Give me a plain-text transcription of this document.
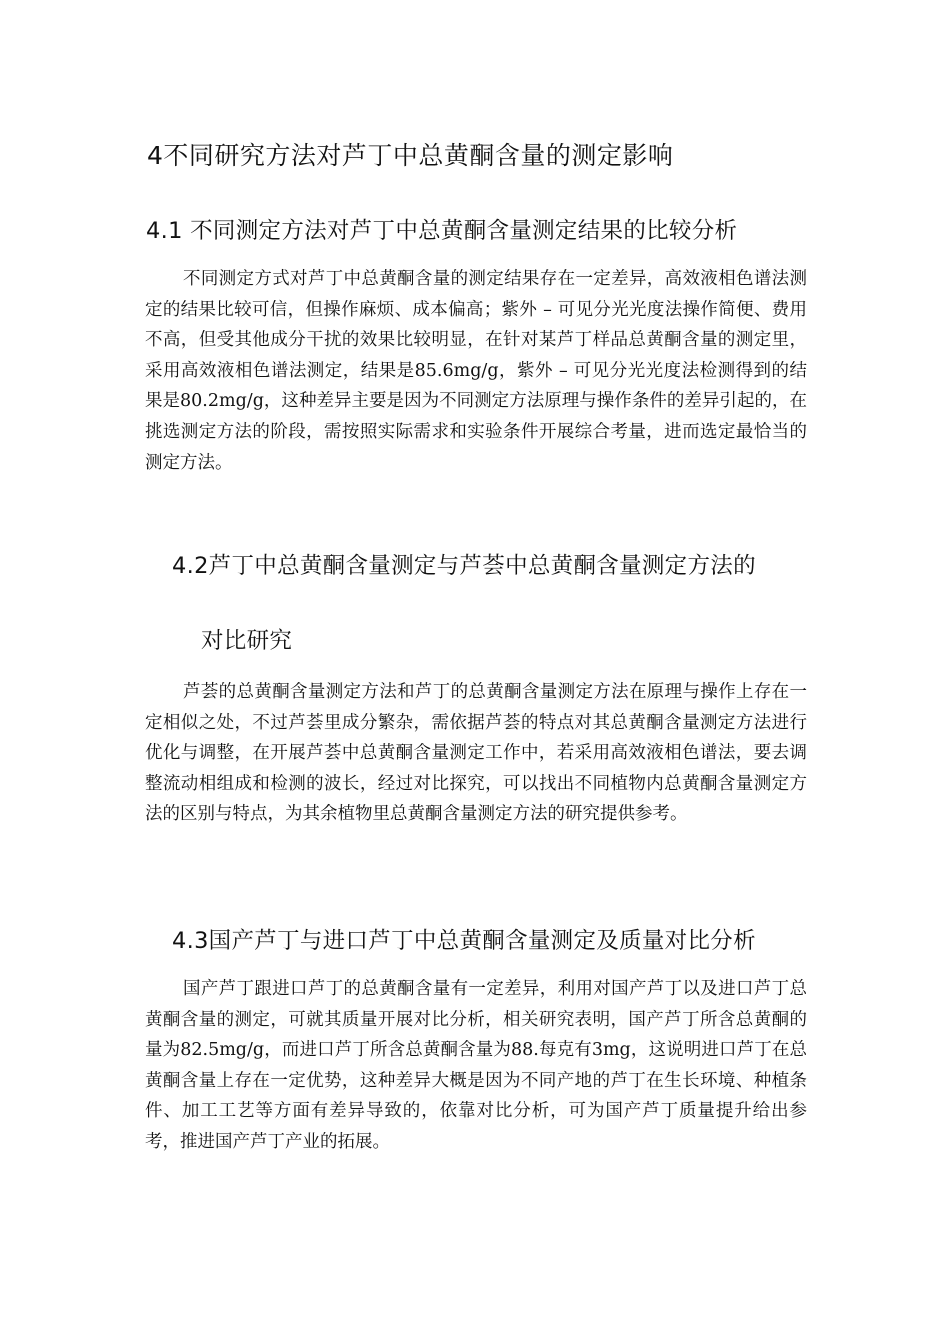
4不同研究方法对芦丁中总黄酮含量的测定影响
4.1 不同测定方法对芦丁中总黄酮含量测定结果的比较分析

不同测定方式对芦丁中总黄酮含量的测定结果存在一定差异，高效液相色谱法测定的结果比较可信，但操作麻烦、成本偏高；紫外 – 可见分光光度法操作简便、费用不高，但受其他成分干扰的效果比较明显，在针对某芦丁样品总黄酮含量的测定里，采用高效液相色谱法测定，结果是85.6mg/g，紫外 – 可见分光光度法检测得到的结果是80.2mg/g，这种差异主要是因为不同测定方法原理与操作条件的差异引起的，在挑选测定方法的阶段，需按照实际需求和实验条件开展综合考量，进而选定最恰当的测定方法。

4.2芦丁中总黄酮含量测定与芦荟中总黄酮含量测定方法的
对比研究

芦荟的总黄酮含量测定方法和芦丁的总黄酮含量测定方法在原理与操作上存在一定相似之处，不过芦荟里成分繁杂，需依据芦荟的特点对其总黄酮含量测定方法进行优化与调整，在开展芦荟中总黄酮含量测定工作中，若采用高效液相色谱法，要去调整流动相组成和检测的波长，经过对比探究，可以找出不同植物内总黄酮含量测定方法的区别与特点，为其余植物里总黄酮含量测定方法的研究提供参考。

4.3国产芦丁与进口芦丁中总黄酮含量测定及质量对比分析

国产芦丁跟进口芦丁的总黄酮含量有一定差异，利用对国产芦丁以及进口芦丁总黄酮含量的测定，可就其质量开展对比分析，相关研究表明，国产芦丁所含总黄酮的量为82.5mg/g，而进口芦丁所含总黄酮含量为88.每克有3mg，这说明进口芦丁在总黄酮含量上存在一定优势，这种差异大概是因为不同产地的芦丁在生长环境、种植条件、加工工艺等方面有差异导致的，依靠对比分析，可为国产芦丁质量提升给出参考，推进国产芦丁产业的拓展。
